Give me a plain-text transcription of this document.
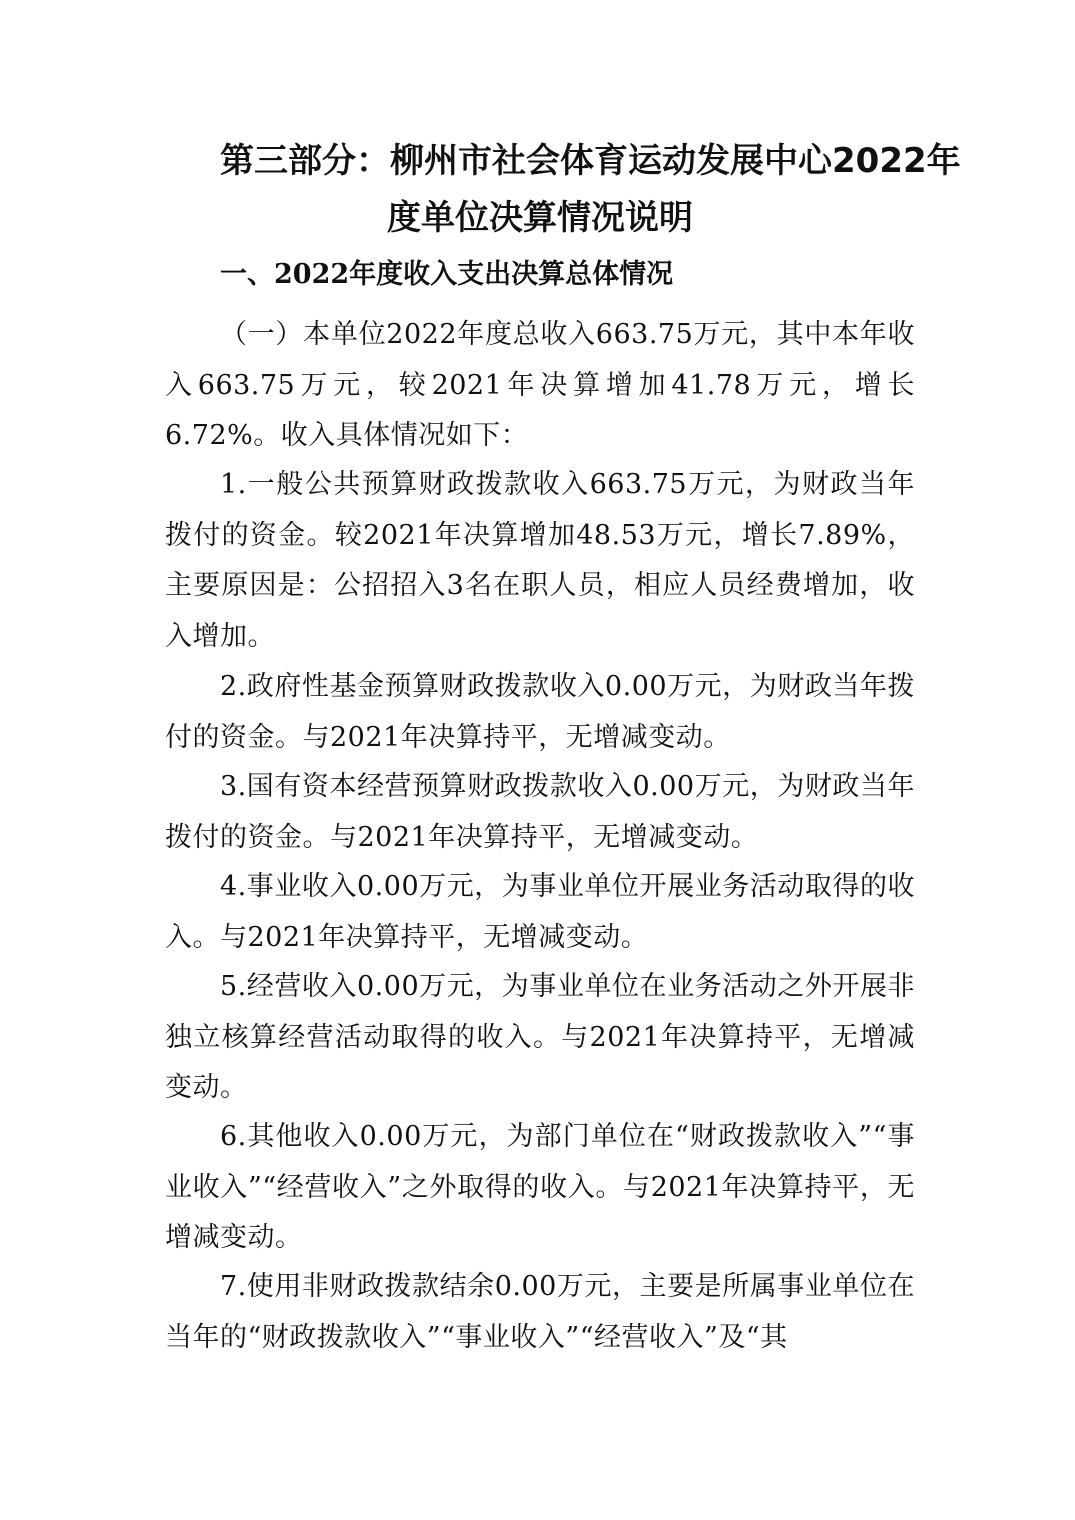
第三部分：柳州市社会体育运动发展中心2022年
度单位决算情况说明
一、2022年度收入支出决算总体情况

（一）本单位2022年度总收入663.75万元，其中本年收入663.75万元，较2021年决算增加41.78万元，增长6.72%。收入具体情况如下：

1.一般公共预算财政拨款收入663.75万元，为财政当年拨付的资金。较2021年决算增加48.53万元，增长7.89%，主要原因是：公招招入3名在职人员，相应人员经费增加，收入增加。

2.政府性基金预算财政拨款收入0.00万元，为财政当年拨付的资金。与2021年决算持平，无增减变动。

3.国有资本经营预算财政拨款收入0.00万元，为财政当年拨付的资金。与2021年决算持平，无增减变动。

4.事业收入0.00万元，为事业单位开展业务活动取得的收入。与2021年决算持平，无增减变动。

5.经营收入0.00万元，为事业单位在业务活动之外开展非独立核算经营活动取得的收入。与2021年决算持平，无增减变动。

6.其他收入0.00万元，为部门单位在“财政拨款收入”“事业收入”“经营收入”之外取得的收入。与2021年决算持平，无增减变动。

7.使用非财政拨款结余0.00万元，主要是所属事业单位在当年的“财政拨款收入”“事业收入”“经营收入”及“其
